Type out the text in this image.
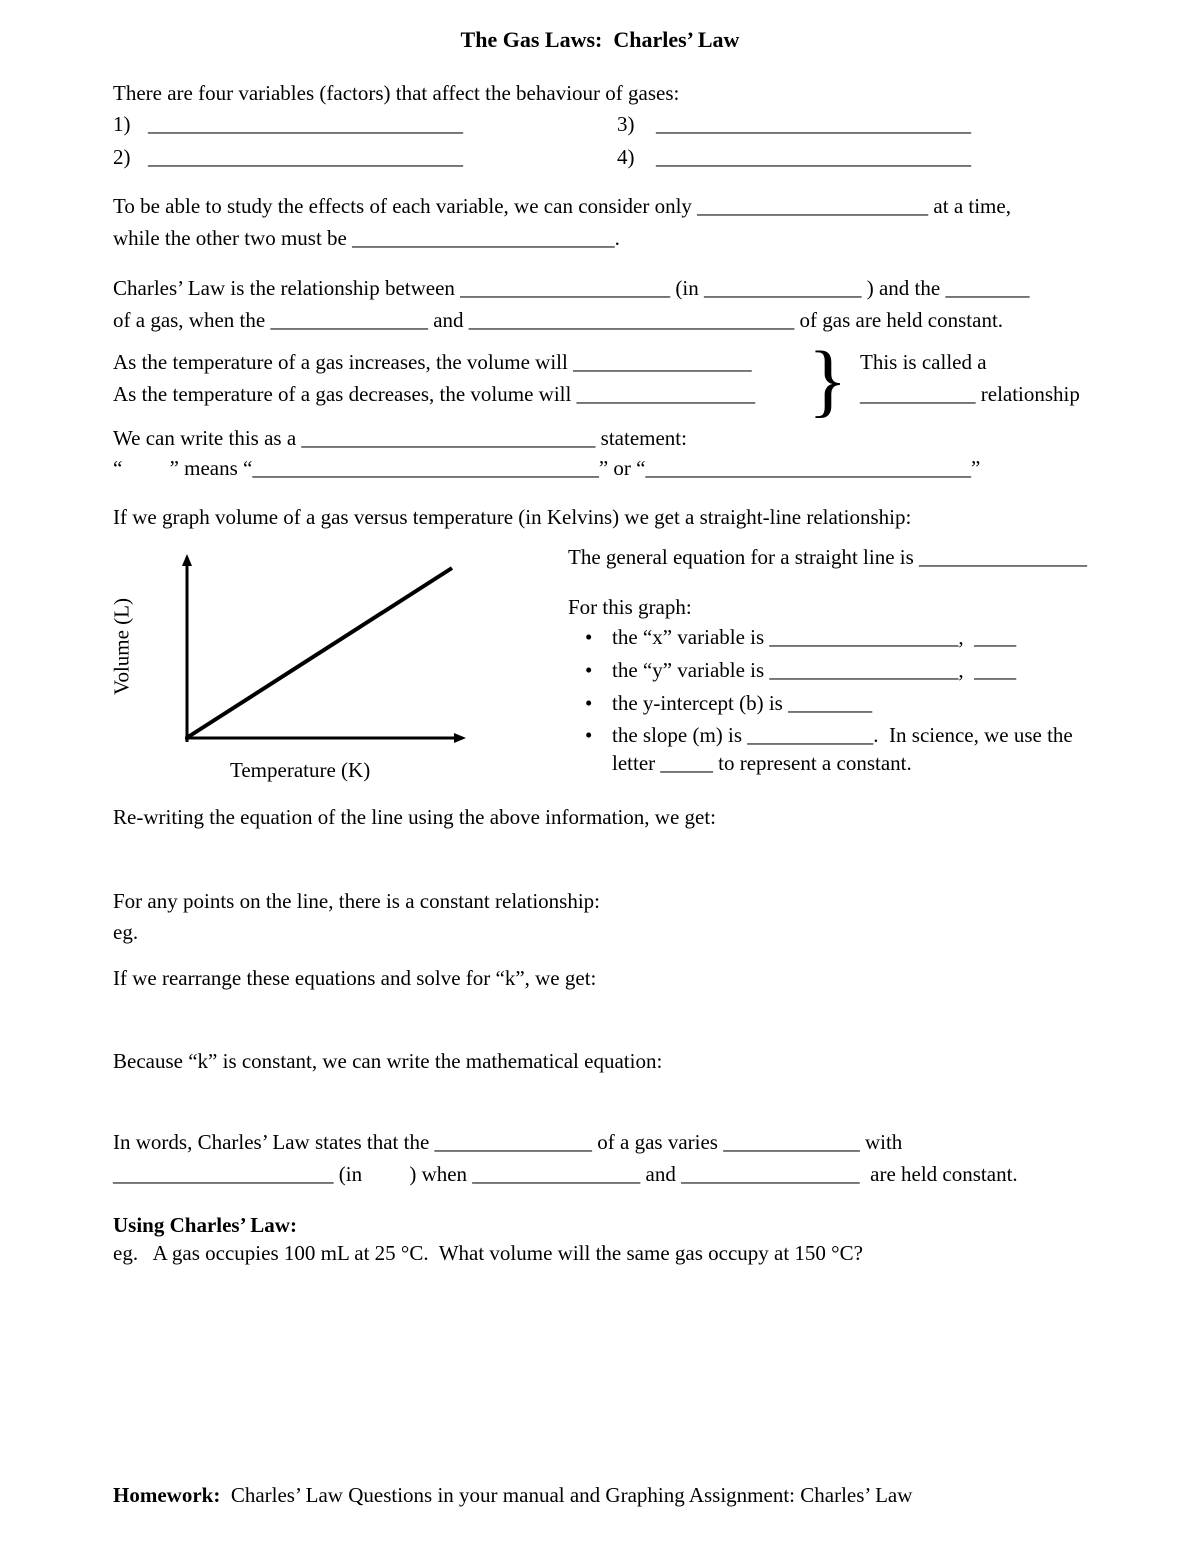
The Gas Laws:  Charles’ Law
There are four variables (factors) that affect the behaviour of gases:
1) ______________________________	3) ______________________________
2) ______________________________	4) ______________________________
To be able to study the effects of each variable, we can consider only ______________________ at a time,
while the other two must be _________________________.
Charles’ Law is the relationship between ____________________ (in _______________ ) and the ________
of a gas, when the _______________ and _______________________________ of gas are held constant.
As the temperature of a gas increases, the volume will _________________
As the temperature of a gas decreases, the volume will _________________ } This is called a
___________ relationship
We can write this as a ____________________________ statement:
“         ” means “_________________________________” or “_______________________________”
If we graph volume of a gas versus temperature (in Kelvins) we get a straight-line relationship:
Volume (L)
Temperature (K)
The general equation for a straight line is ________________
For this graph:
• the “x” variable is __________________,  ____
• the “y” variable is __________________,  ____
• the y-intercept (b) is ________
• the slope (m) is ____________.  In science, we use the
letter _____ to represent a constant.
Re-writing the equation of the line using the above information, we get:
For any points on the line, there is a constant relationship:
eg.
If we rearrange these equations and solve for “k”, we get:
Because “k” is constant, we can write the mathematical equation:
In words, Charles’ Law states that the _______________ of a gas varies _____________ with
_____________________ (in         ) when ________________ and _________________  are held constant.
Using Charles’ Law:
eg.   A gas occupies 100 mL at 25 °C.  What volume will the same gas occupy at 150 °C?
Homework:  Charles’ Law Questions in your manual and Graphing Assignment: Charles’ Law
